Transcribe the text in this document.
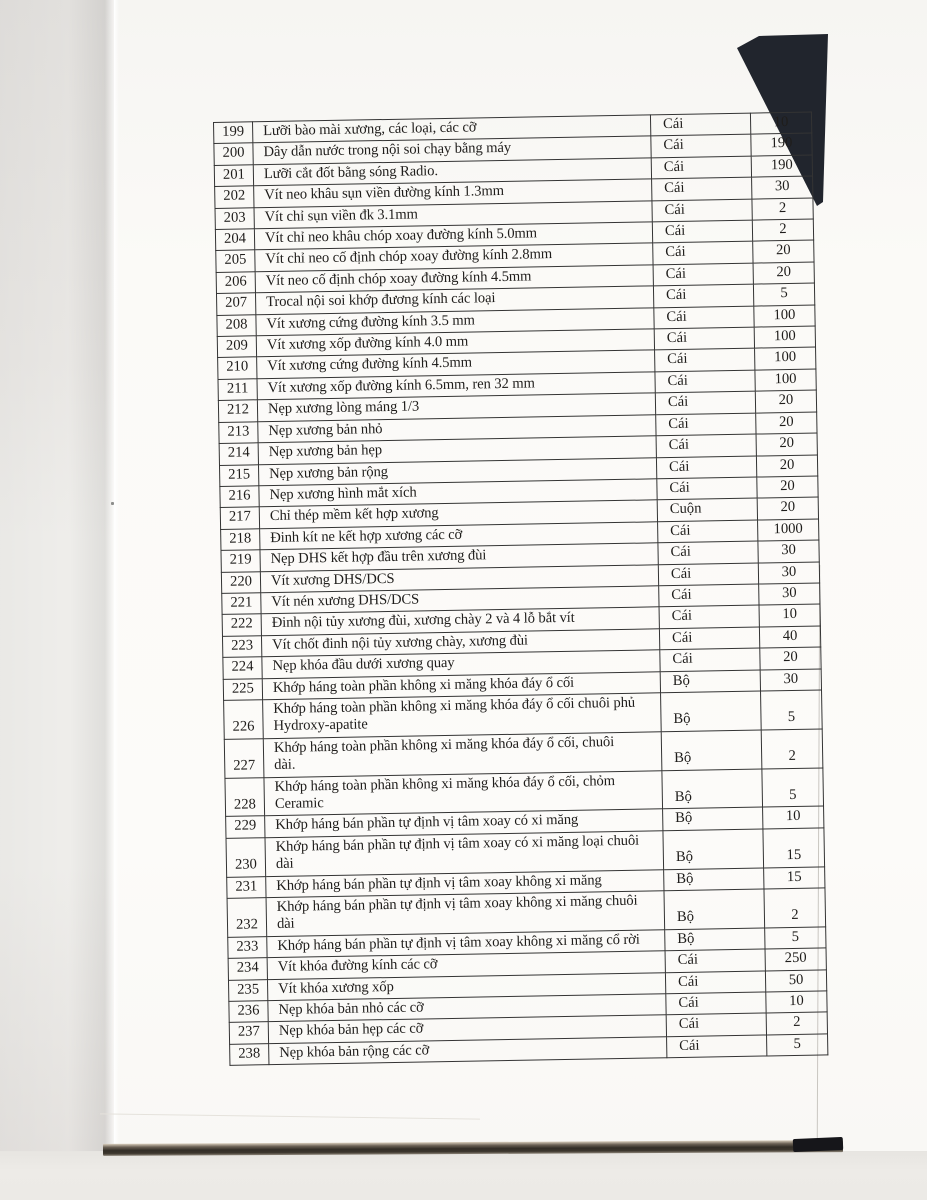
199	Lưỡi bào mài xương, các loại, các cỡ	Cái	10
200	Dây dẫn nước trong nội soi chạy bằng máy	Cái	190
201	Lưỡi cắt đốt bằng sóng Radio.	Cái	190
202	Vít neo khâu sụn viền đường kính 1.3mm	Cái	30
203	Vít chỉ sụn viền đk 3.1mm	Cái	2
204	Vít chỉ neo khâu chóp xoay đường kính 5.0mm	Cái	2
205	Vít chỉ neo cố định chóp xoay đường kính 2.8mm	Cái	20
206	Vít neo cố định chóp xoay đường kính 4.5mm	Cái	20
207	Trocal nội soi khớp đương kính các loại	Cái	5
208	Vít xương cứng đường kính 3.5 mm	Cái	100
209	Vít xương xốp đường kính 4.0 mm	Cái	100
210	Vít xương cứng đường kính 4.5mm	Cái	100
211	Vít xương xốp đường kính 6.5mm, ren 32 mm	Cái	100
212	Nẹp xương lòng máng 1/3	Cái	20
213	Nẹp xương bản nhỏ	Cái	20
214	Nẹp xương bản hẹp	Cái	20
215	Nẹp xương bản rộng	Cái	20
216	Nẹp xương hình mắt xích	Cái	20
217	Chỉ thép mềm kết hợp xương	Cuộn	20
218	Đinh kít ne kết hợp xương các cỡ	Cái	1000
219	Nẹp DHS kết hợp đầu trên xương đùi	Cái	30
220	Vít xương DHS/DCS	Cái	30
221	Vít nén xương DHS/DCS	Cái	30
222	Đinh nội tủy xương đùi, xương chày 2 và 4 lỗ bắt vít	Cái	10
223	Vít chốt đinh nội tủy xương chày, xương đùi	Cái	40
224	Nẹp khóa đầu dưới xương quay	Cái	20
225	Khớp háng toàn phần không xi măng khóa đáy ổ cối	Bộ	30
226	Khớp háng toàn phần không xi măng khóa đáy ổ cối chuôi phủ
Hydroxy-apatite	Bộ	5
227	Khớp háng toàn phần không xi măng khóa đáy ổ cối, chuôi
dài.	Bộ	2
228	Khớp háng toàn phần không xi măng khóa đáy ổ cối, chỏm
Ceramic	Bộ	5
229	Khớp háng bán phần tự định vị tâm xoay có xi măng	Bộ	10
230	Khớp háng bán phần tự định vị tâm xoay có xi măng loại chuôi
dài	Bộ	15
231	Khớp háng bán phần tự định vị tâm xoay không xi măng	Bộ	15
232	Khớp háng bán phần tự định vị tâm xoay không xi măng chuôi
dài	Bộ	2
233	Khớp háng bán phần tự định vị tâm xoay không xi măng cổ rời	Bộ	5
234	Vít khóa đường kính các cỡ	Cái	250
235	Vít khóa xương xốp	Cái	50
236	Nẹp khóa bản nhỏ các cỡ	Cái	10
237	Nẹp khóa bản hẹp các cỡ	Cái	2
238	Nẹp khóa bản rộng các cỡ	Cái	5
